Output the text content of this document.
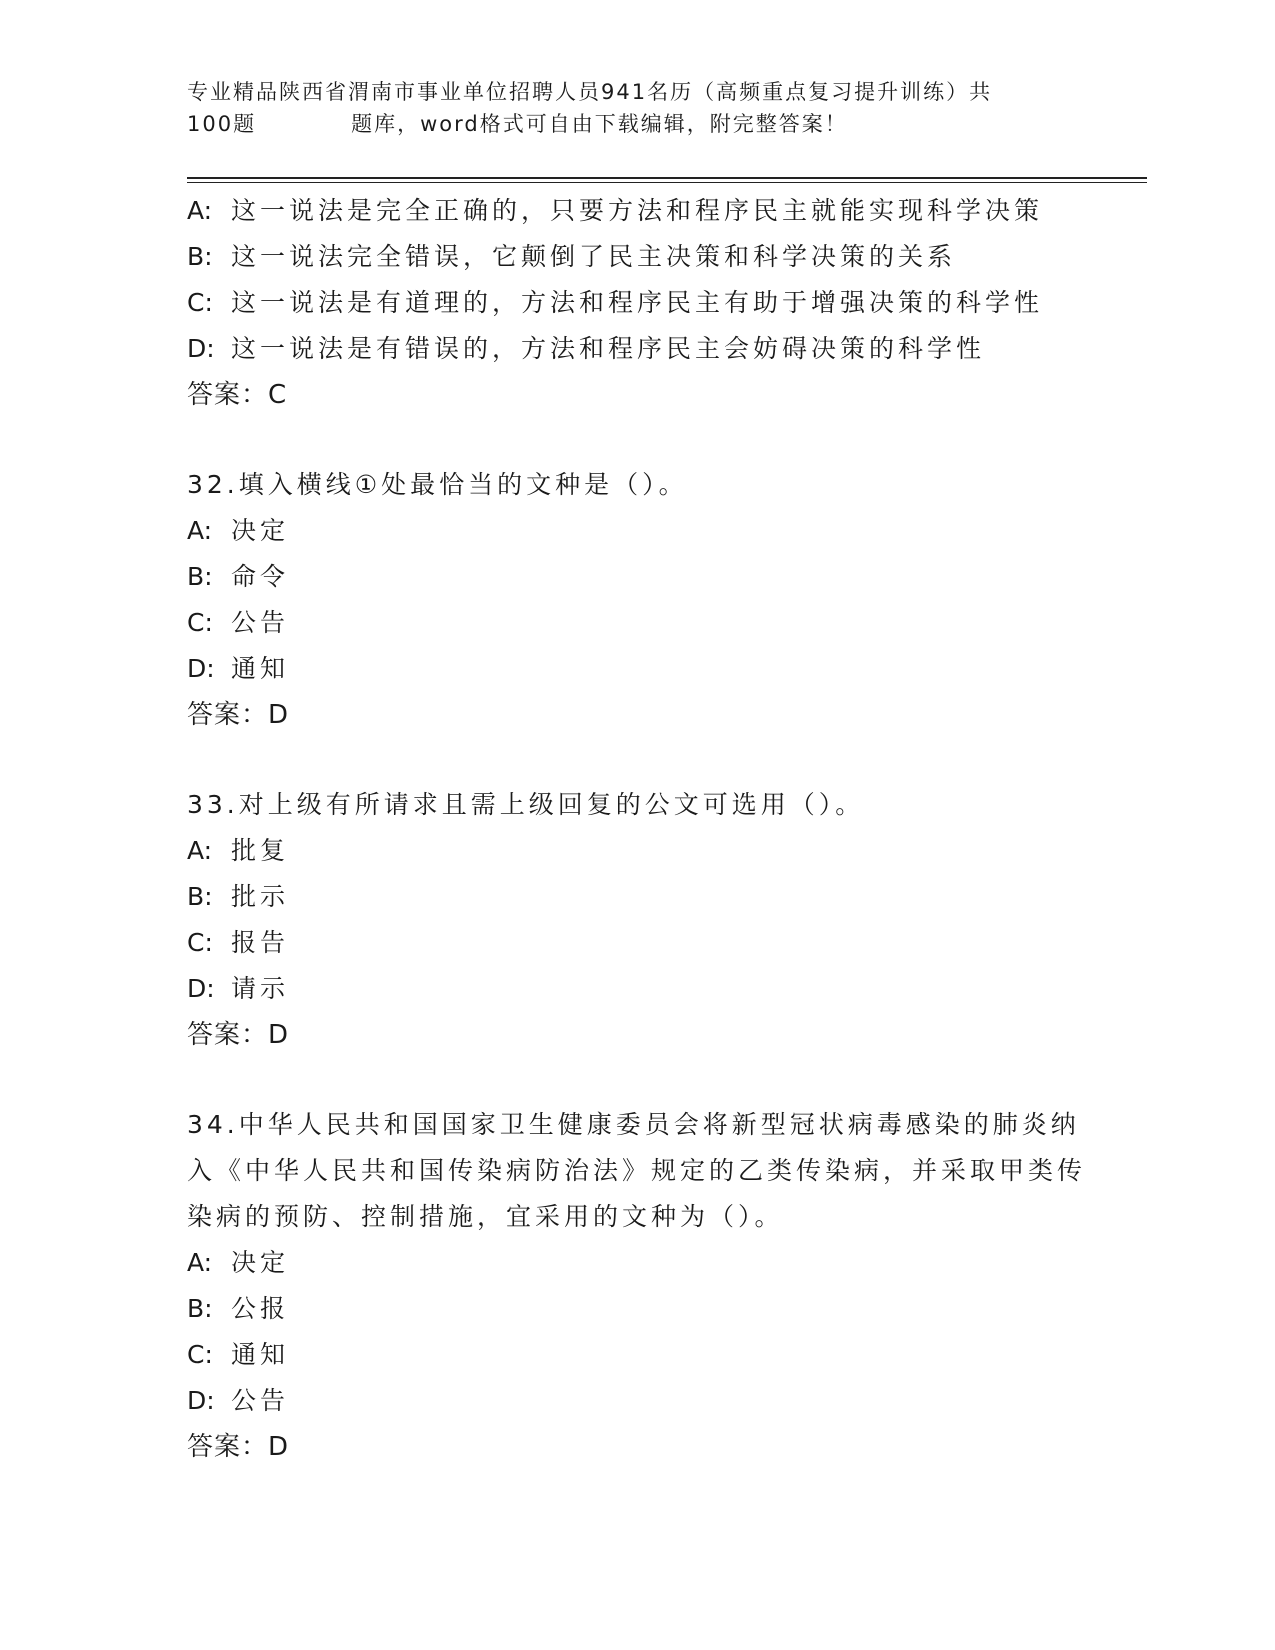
专业精品陕西省渭南市事业单位招聘人员941名历（高频重点复习提升训练）共
100题	题库，word格式可自由下载编辑，附完整答案！
A: 这一说法是完全正确的，只要方法和程序民主就能实现科学决策
B: 这一说法完全错误，它颠倒了民主决策和科学决策的关系
C: 这一说法是有道理的，方法和程序民主有助于增强决策的科学性
D: 这一说法是有错误的，方法和程序民主会妨碍决策的科学性
答案：C
32.填入横线①处最恰当的文种是（）。
A: 决定
B: 命令
C: 公告
D: 通知
答案：D
33.对上级有所请求且需上级回复的公文可选用（）。
A: 批复
B: 批示
C: 报告
D: 请示
答案：D
34.中华人民共和国国家卫生健康委员会将新型冠状病毒感染的肺炎纳入《中华人民共和国传染病防治法》规定的乙类传染病，并采取甲类传染病的预防、控制措施，宜采用的文种为（）。
A: 决定
B: 公报
C: 通知
D: 公告
答案：D
